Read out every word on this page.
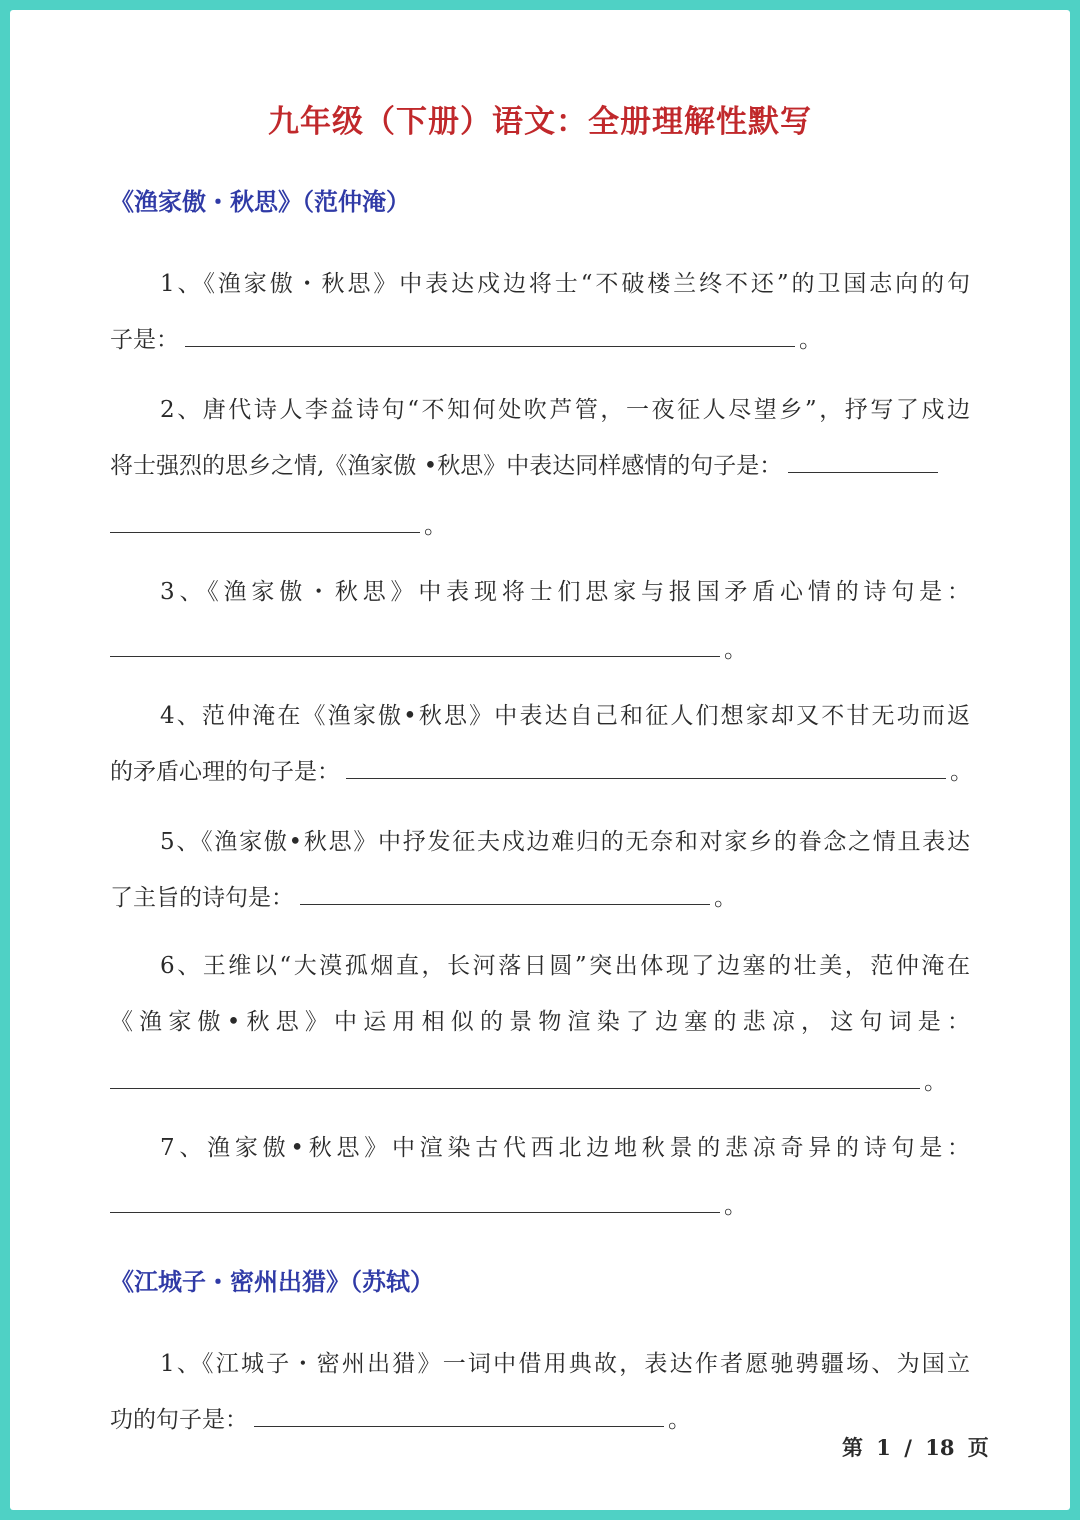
九年级（下册）语文：全册理解性默写
《渔家傲・秋思》（范仲淹）
1、《渔家傲・秋思》中表达戍边将士“不破楼兰终不还”的卫国志向的句
子是：	。
2、唐代诗人李益诗句“不知何处吹芦管，一夜征人尽望乡”，抒写了戍边
将士强烈的思乡之情,《渔家傲 •秋思》中表达同样感情的句子是：
。
3、《渔家傲・秋思》中表现将士们思家与报国矛盾心情的诗句是：
。
4、范仲淹在《渔家傲•秋思》中表达自己和征人们想家却又不甘无功而返
的矛盾心理的句子是：	。
5、《渔家傲•秋思》中抒发征夫戍边难归的无奈和对家乡的眷念之情且表达
了主旨的诗句是：	。
6、王维以“大漠孤烟直，长河落日圆”突出体现了边塞的壮美，范仲淹在
《渔家傲•秋思》中运用相似的景物渲染了边塞的悲凉，这句词是：
。
7、渔家傲•秋思》中渲染古代西北边地秋景的悲凉奇异的诗句是：
。
《江城子・密州出猎》（苏轼）
1、《江城子・密州出猎》一词中借用典故，表达作者愿驰骋疆场、为国立
功的句子是：	。
第 1 / 18 页
